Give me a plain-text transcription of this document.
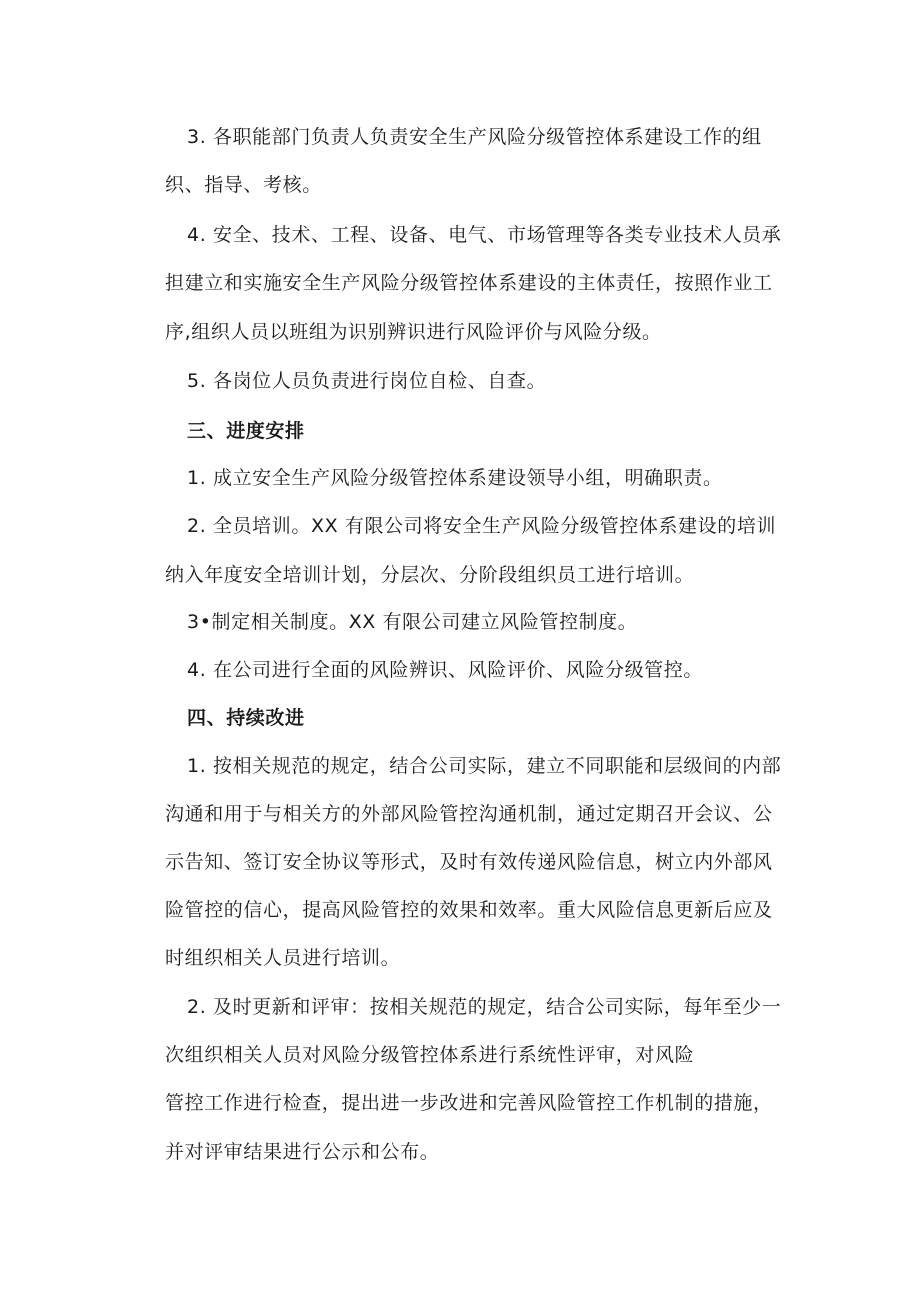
3. 各职能部门负责人负责安全生产风险分级管控体系建设工作的组
织、指导、考核。
4. 安全、技术、工程、设备、电气、市场管理等各类专业技术人员承
担建立和实施安全生产风险分级管控体系建设的主体责任，按照作业工
序,组织人员以班组为识别辨识进行风险评价与风险分级。
5. 各岗位人员负责进行岗位自检、自查。
三、进度安排
1. 成立安全生产风险分级管控体系建设领导小组，明确职责。
2. 全员培训。XX 有限公司将安全生产风险分级管控体系建设的培训
纳入年度安全培训计划，分层次、分阶段组织员工进行培训。
3•制定相关制度。XX 有限公司建立风险管控制度。
4. 在公司进行全面的风险辨识、风险评价、风险分级管控。
四、持续改进
1. 按相关规范的规定，结合公司实际，建立不同职能和层级间的内部
沟通和用于与相关方的外部风险管控沟通机制，通过定期召开会议、公
示告知、签订安全协议等形式，及时有效传递风险信息，树立内外部风
险管控的信心，提高风险管控的效果和效率。重大风险信息更新后应及
时组织相关人员进行培训。
2. 及时更新和评审：按相关规范的规定，结合公司实际，每年至少一
次组织相关人员对风险分级管控体系进行系统性评审，对风险
管控工作进行检查，提出进一步改进和完善风险管控工作机制的措施，
并对评审结果进行公示和公布。
